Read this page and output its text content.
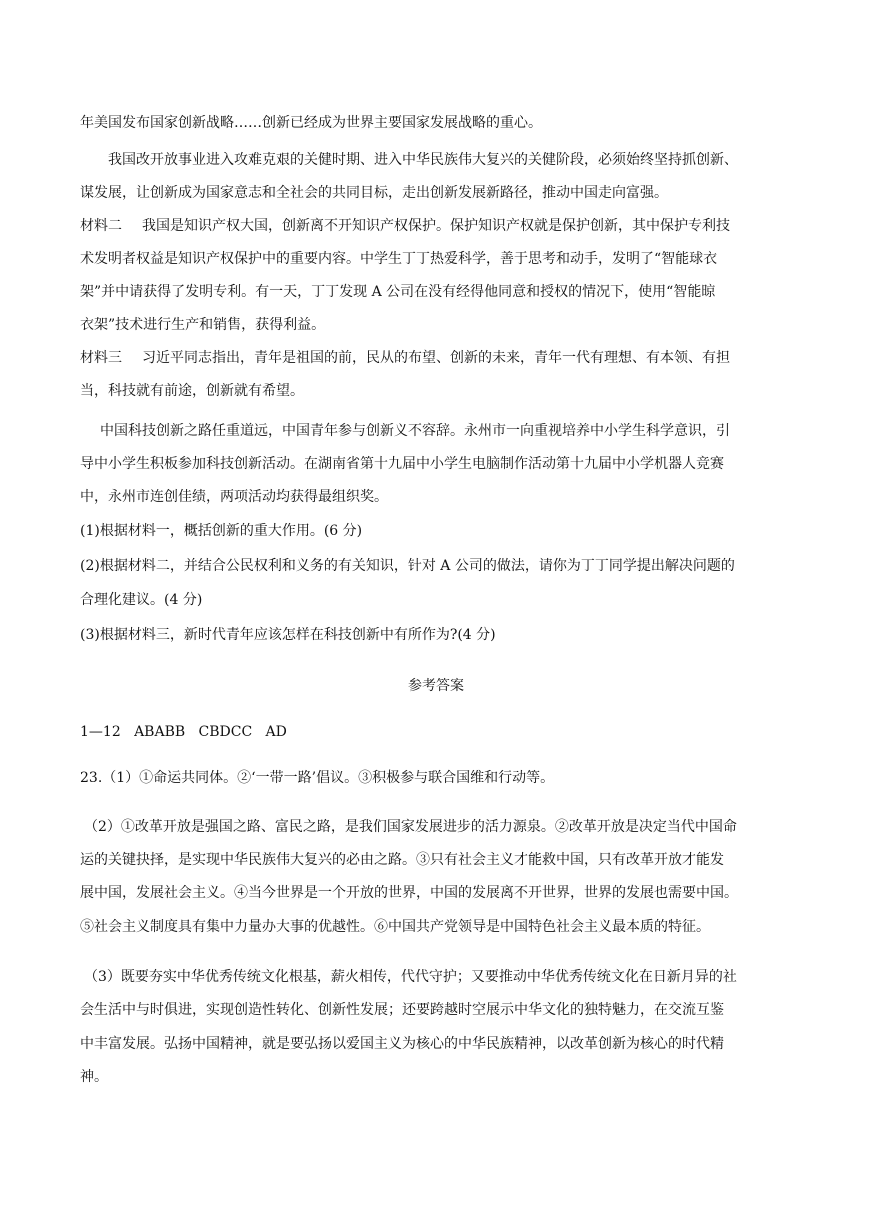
年美国发布国家创新战略……创新已经成为世界主要国家发展战略的重心。
我国改开放事业进入攻难克艰的关健时期、进入中华民族伟大复兴的关健阶段，必须始终坚持抓创新、
谋发展，让创新成为国家意志和全社会的共同目标，走出创新发展新路径，推动中国走向富强。
材料二 我国是知识产权大国，创新离不开知识产权保护。保护知识产权就是保护创新，其中保护专利技
术发明者权益是知识产权保护中的重要内容。中学生丁丁热爱科学，善于思考和动手，发明了“智能球衣
架”并中请获得了发明专利。有一天，丁丁发现 A 公司在没有经得他同意和授权的情况下，使用“智能晾
衣架”技术进行生产和销售，获得利益。
材料三 习近平同志指出，青年是祖国的前，民从的布望、创新的未来，青年一代有理想、有本领、有担
当，科技就有前途，创新就有希望。
中国科技创新之路任重道远，中国青年参与创新义不容辞。永州市一向重视培养中小学生科学意识，引
导中小学生积板参加科技创新活动。在湖南省第十九届中小学生电脑制作活动第十九届中小学机器人竞赛
中，永州市连创佳绩，两项活动均获得最组织奖。
(1)根据材料一，概括创新的重大作用。(6 分)
(2)根据材料二，并结合公民权利和义务的有关知识，针对 A 公司的做法，请你为丁丁同学提出解决问题的
合理化建议。(4 分)
(3)根据材料三，新时代青年应该怎样在科技创新中有所作为?(4 分)
参考答案
1—12   ABABB   CBDCC   AD
23.（1）①命运共同体。②‘一带一路’倡议。③积极参与联合国维和行动等。
（2）①改革开放是强国之路、富民之路，是我们国家发展进步的活力源泉。②改革开放是决定当代中国命
运的关键抉择，是实现中华民族伟大复兴的必由之路。③只有社会主义才能救中国，只有改革开放才能发
展中国，发展社会主义。④当今世界是一个开放的世界，中国的发展离不开世界，世界的发展也需要中国。
⑤社会主义制度具有集中力量办大事的优越性。⑥中国共产党领导是中国特色社会主义最本质的特征。
（3）既要夯实中华优秀传统文化根基，薪火相传，代代守护；又要推动中华优秀传统文化在日新月异的社
会生活中与时俱进，实现创造性转化、创新性发展；还要跨越时空展示中华文化的独特魅力，在交流互鉴
中丰富发展。弘扬中国精神，就是要弘扬以爱国主义为核心的中华民族精神，以改革创新为核心的时代精
神。
